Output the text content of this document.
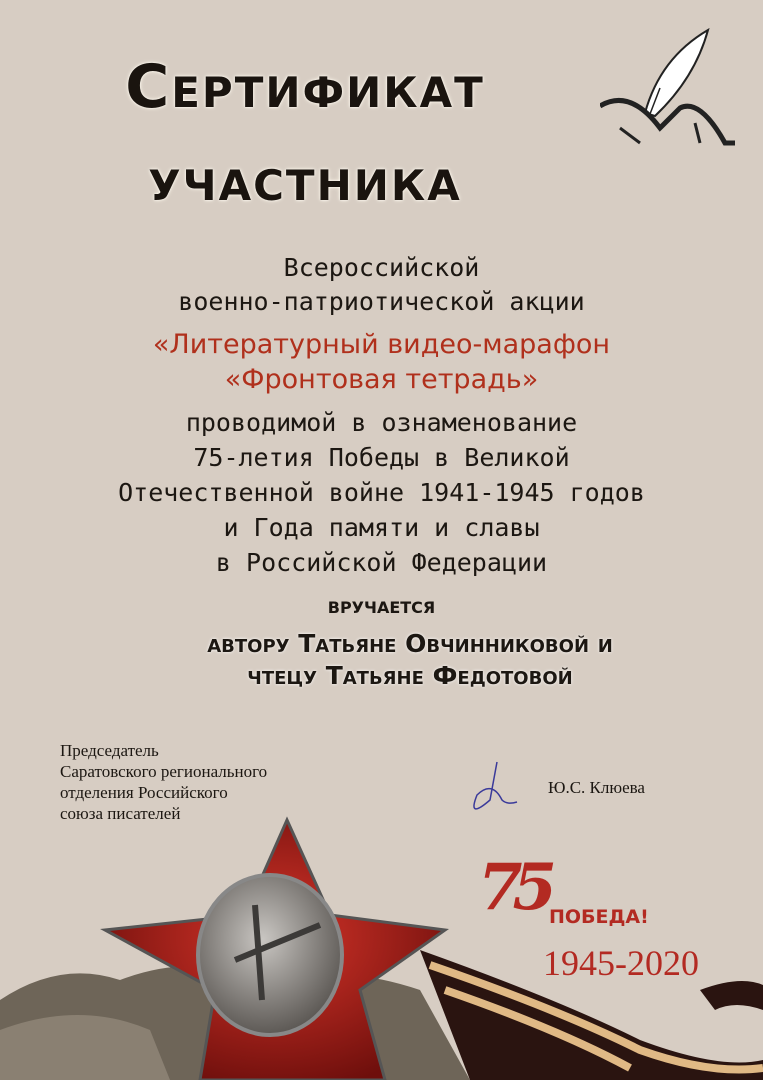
Сертификат
участника
Всероссийской
военно-патриотической акции
«Литературный видео-марафон
«Фронтовая тетрадь»
проводимой в ознаменование
75-летия Победы в Великой
Отечественной войне 1941-1945 годов
и Года памяти и славы
в Российской Федерации
ВРУЧАЕТСЯ
автору Татьяне Овчинниковой и
чтецу Татьяне Федотовой
Председатель
Саратовского регионального
отделения Российского
союза писателей
Ю.С. Клюева
75 ПОБЕДА!
1945-2020
